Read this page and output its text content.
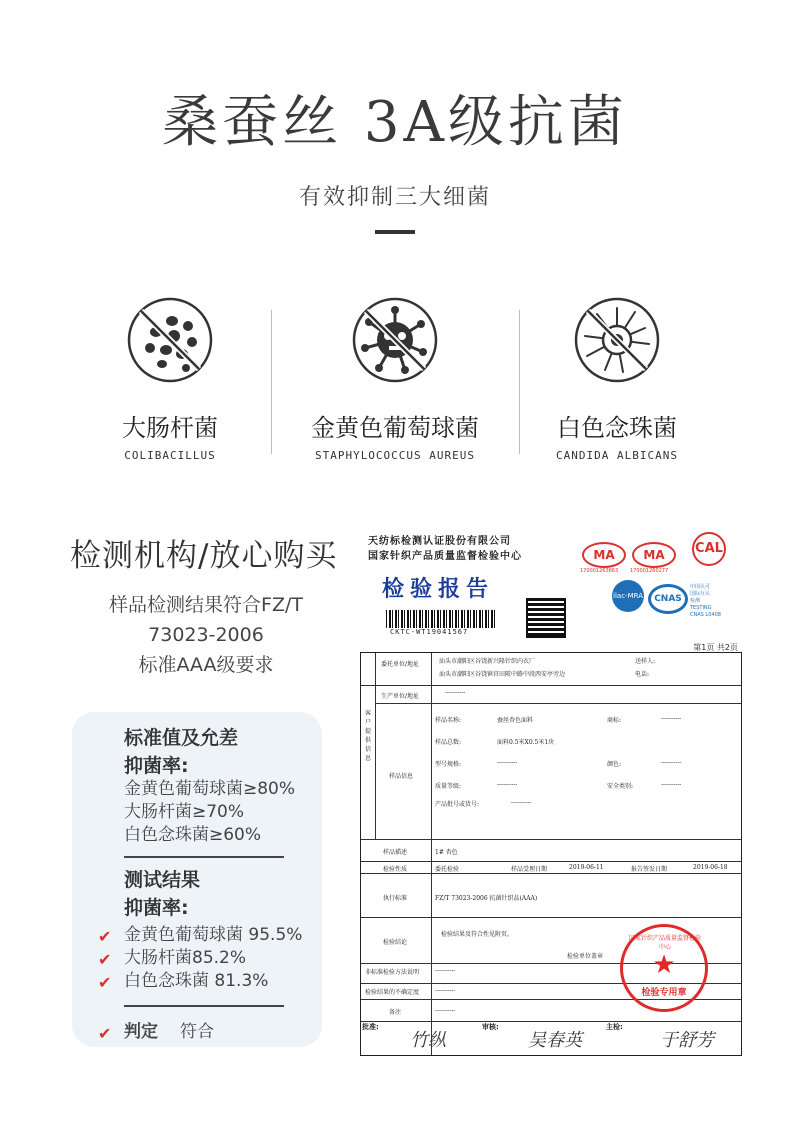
桑蚕丝 3A级抗菌
有效抑制三大细菌
大肠杆菌
COLIBACILLUS
金黄色葡萄球菌
STAPHYLOCOCCUS AUREUS
白色念珠菌
CANDIDA ALBICANS
检测机构/放心购买
样品检测结果符合FZ/T
73023-2006
标准AAA级要求
标准值及允差
抑菌率:
金黄色葡萄球菌≥80%
大肠杆菌≥70%
白色念珠菌≥60%
测试结果
抑菌率:
✔ 金黄色葡萄球菌 95.5%
✔ 大肠杆菌85.2%
✔ 白色念珠菌 81.3%
✔ 判定 符合
天纺标检测认证股份有限公司
国家针织产品质量监督检验中心
检验报告
CKTC-WT19041567
MA
170001263663
MA
170001260277
CAL
ilac-MRA	CNAS
中国认可
国际互认
检测
TESTING
CNAS L0408
第1页 共2页
客户提供信息
委托单位/地址	汕头市潮阳区谷饶新兴隆针织内衣厂
汕头市潮阳区谷饶镇官田陂中路中段西安亭旁边
送样人:
电话:
生产单位/地址
----------
样品信息
样品名称:	蚕丝杏色面料	商标:	----------
样品总数:	面料0.5米X0.5米1块
型号规格:	----------	颜色:	----------
质量等级:	----------	安全类别:	----------
产品批号或货号:	----------
样品描述	1# 杏色
检验性质	委托检验	样品受理日期	2019-06-11	报告签发日期	2019-06-18
执行标准	FZ/T 73023-2006 抗菌针织品(AAA)
检验结论
检验结果及符合性见附页。
检验单位盖章
非标准检验方法说明	----------
检验结果的不确定度	----------
备注	----------
★
检验专用章
国家针织产品质量监督检验中心
批准:
竹纵
审核:
吴春英
主检:
于舒芳
